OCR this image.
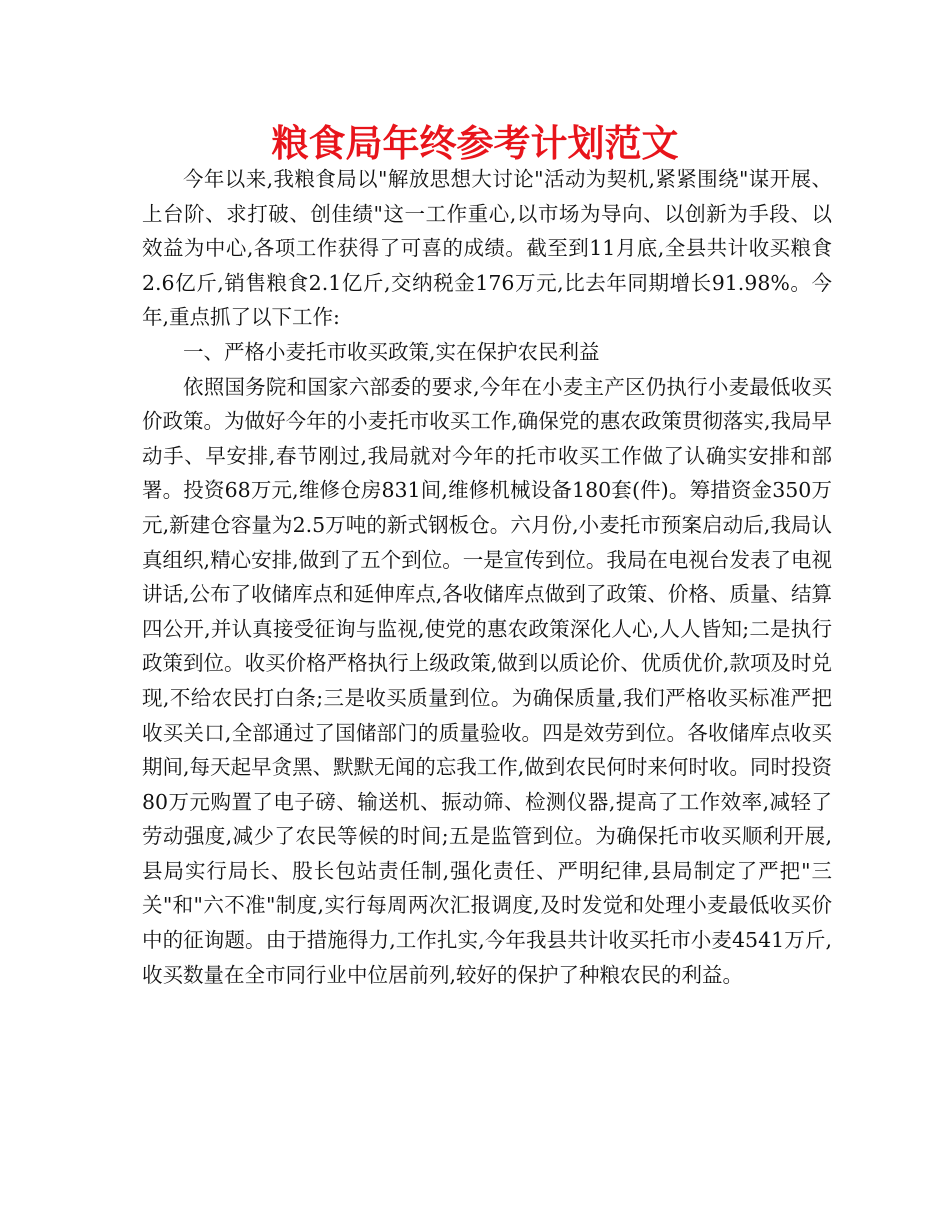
粮食局年终参考计划范文

今年以来,我粮食局以"解放思想大讨论"活动为契机,紧紧围绕"谋开展、上台阶、求打破、创佳绩"这一工作重心,以市场为导向、以创新为手段、以效益为中心,各项工作获得了可喜的成绩。截至到11月底,全县共计收买粮食2.6亿斤,销售粮食2.1亿斤,交纳税金176万元,比去年同期增长91.98%。今年,重点抓了以下工作:

一、严格小麦托市收买政策,实在保护农民利益

依照国务院和国家六部委的要求,今年在小麦主产区仍执行小麦最低收买价政策。为做好今年的小麦托市收买工作,确保党的惠农政策贯彻落实,我局早动手、早安排,春节刚过,我局就对今年的托市收买工作做了认确实安排和部署。投资68万元,维修仓房831间,维修机械设备180套(件)。筹措资金350万元,新建仓容量为2.5万吨的新式钢板仓。六月份,小麦托市预案启动后,我局认真组织,精心安排,做到了五个到位。一是宣传到位。我局在电视台发表了电视讲话,公布了收储库点和延伸库点,各收储库点做到了政策、价格、质量、结算四公开,并认真接受征询与监视,使党的惠农政策深化人心,人人皆知;二是执行政策到位。收买价格严格执行上级政策,做到以质论价、优质优价,款项及时兑现,不给农民打白条;三是收买质量到位。为确保质量,我们严格收买标准严把收买关口,全部通过了国储部门的质量验收。四是效劳到位。各收储库点收买期间,每天起早贪黑、默默无闻的忘我工作,做到农民何时来何时收。同时投资80万元购置了电子磅、输送机、振动筛、检测仪器,提高了工作效率,减轻了劳动强度,减少了农民等候的时间;五是监管到位。为确保托市收买顺利开展,县局实行局长、股长包站责任制,强化责任、严明纪律,县局制定了严把"三关"和"六不准"制度,实行每周两次汇报调度,及时发觉和处理小麦最低收买价中的征询题。由于措施得力,工作扎实,今年我县共计收买托市小麦4541万斤,收买数量在全市同行业中位居前列,较好的保护了种粮农民的利益。
